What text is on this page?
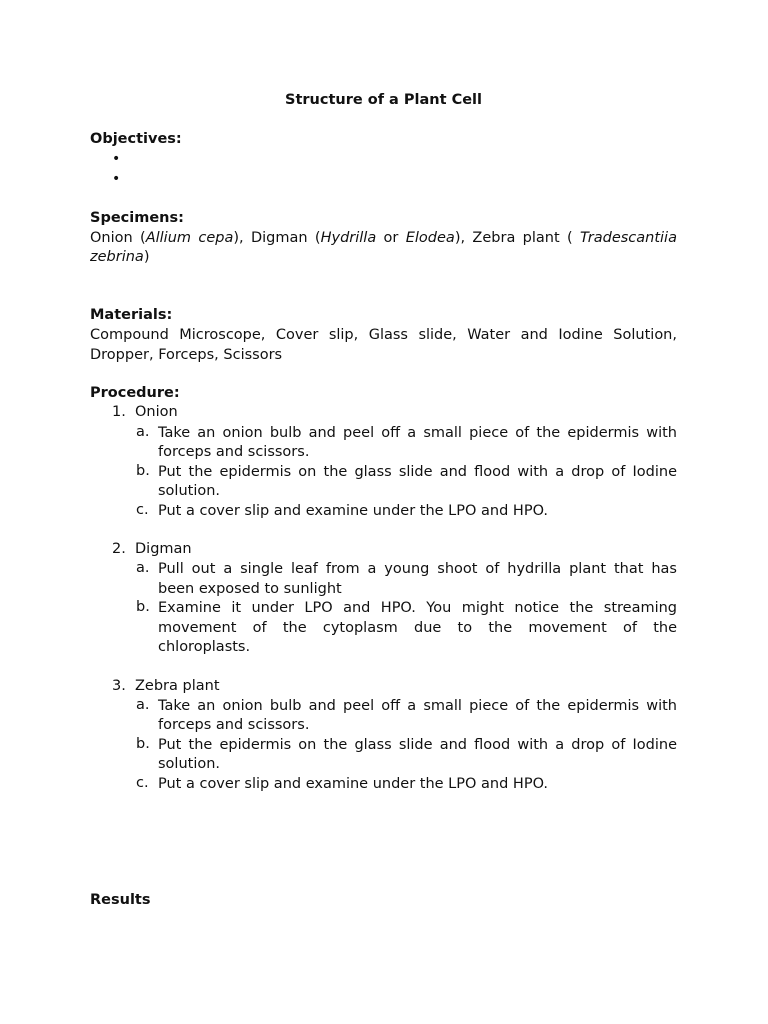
Structure of a Plant Cell
Objectives:
•
•
Specimens:
Onion (Allium cepa), Digman (Hydrilla or Elodea), Zebra plant ( Tradescantiia
zebrina)
Materials:
Compound Microscope, Cover slip, Glass slide, Water and Iodine Solution,
Dropper, Forceps, Scissors
Procedure:
1. Onion
a. Take an onion bulb and peel off a small piece of the epidermis with
forceps and scissors.
b. Put the epidermis on the glass slide and flood with a drop of Iodine
solution.
c. Put a cover slip and examine under the LPO and HPO.
2. Digman
a. Pull out a single leaf from a young shoot of hydrilla plant that has
been exposed to sunlight
b. Examine it under LPO and HPO. You might notice the streaming
movement of the cytoplasm due to the movement of the
chloroplasts.
3. Zebra plant
a. Take an onion bulb and peel off a small piece of the epidermis with
forceps and scissors.
b. Put the epidermis on the glass slide and flood with a drop of Iodine
solution.
c. Put a cover slip and examine under the LPO and HPO.
Results
